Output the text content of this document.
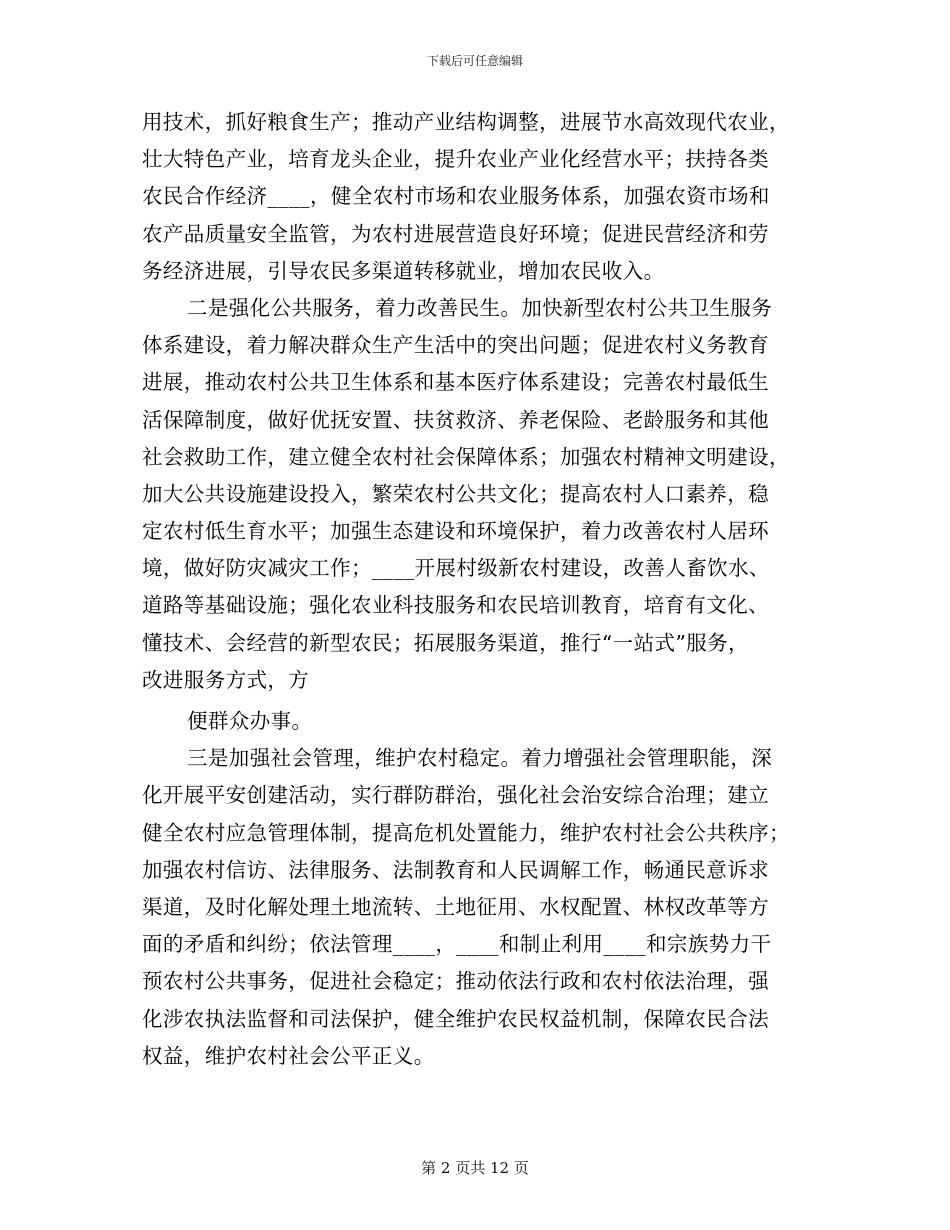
下载后可任意编辑
用技术，抓好粮食生产；推动产业结构调整，进展节水高效现代农业，
壮大特色产业，培育龙头企业，提升农业产业化经营水平；扶持各类
农民合作经济____，健全农村市场和农业服务体系，加强农资市场和
农产品质量安全监管，为农村进展营造良好环境；促进民营经济和劳
务经济进展，引导农民多渠道转移就业，增加农民收入。
二是强化公共服务，着力改善民生。加快新型农村公共卫生服务
体系建设，着力解决群众生产生活中的突出问题；促进农村义务教育
进展，推动农村公共卫生体系和基本医疗体系建设；完善农村最低生
活保障制度，做好优抚安置、扶贫救济、养老保险、老龄服务和其他
社会救助工作，建立健全农村社会保障体系；加强农村精神文明建设，
加大公共设施建设投入，繁荣农村公共文化；提高农村人口素养，稳
定农村低生育水平；加强生态建设和环境保护，着力改善农村人居环
境，做好防灾减灾工作；____开展村级新农村建设，改善人畜饮水、
道路等基础设施；强化农业科技服务和农民培训教育，培育有文化、
懂技术、会经营的新型农民；拓展服务渠道，推行“一站式”服务，
改进服务方式，方
便群众办事。
三是加强社会管理，维护农村稳定。着力增强社会管理职能，深
化开展平安创建活动，实行群防群治，强化社会治安综合治理；建立
健全农村应急管理体制，提高危机处置能力，维护农村社会公共秩序；
加强农村信访、法律服务、法制教育和人民调解工作，畅通民意诉求
渠道，及时化解处理土地流转、土地征用、水权配置、林权改革等方
面的矛盾和纠纷；依法管理____，____和制止利用____和宗族势力干
预农村公共事务，促进社会稳定；推动依法行政和农村依法治理，强
化涉农执法监督和司法保护，健全维护农民权益机制，保障农民合法
权益，维护农村社会公平正义。
第 2 页共 12 页
